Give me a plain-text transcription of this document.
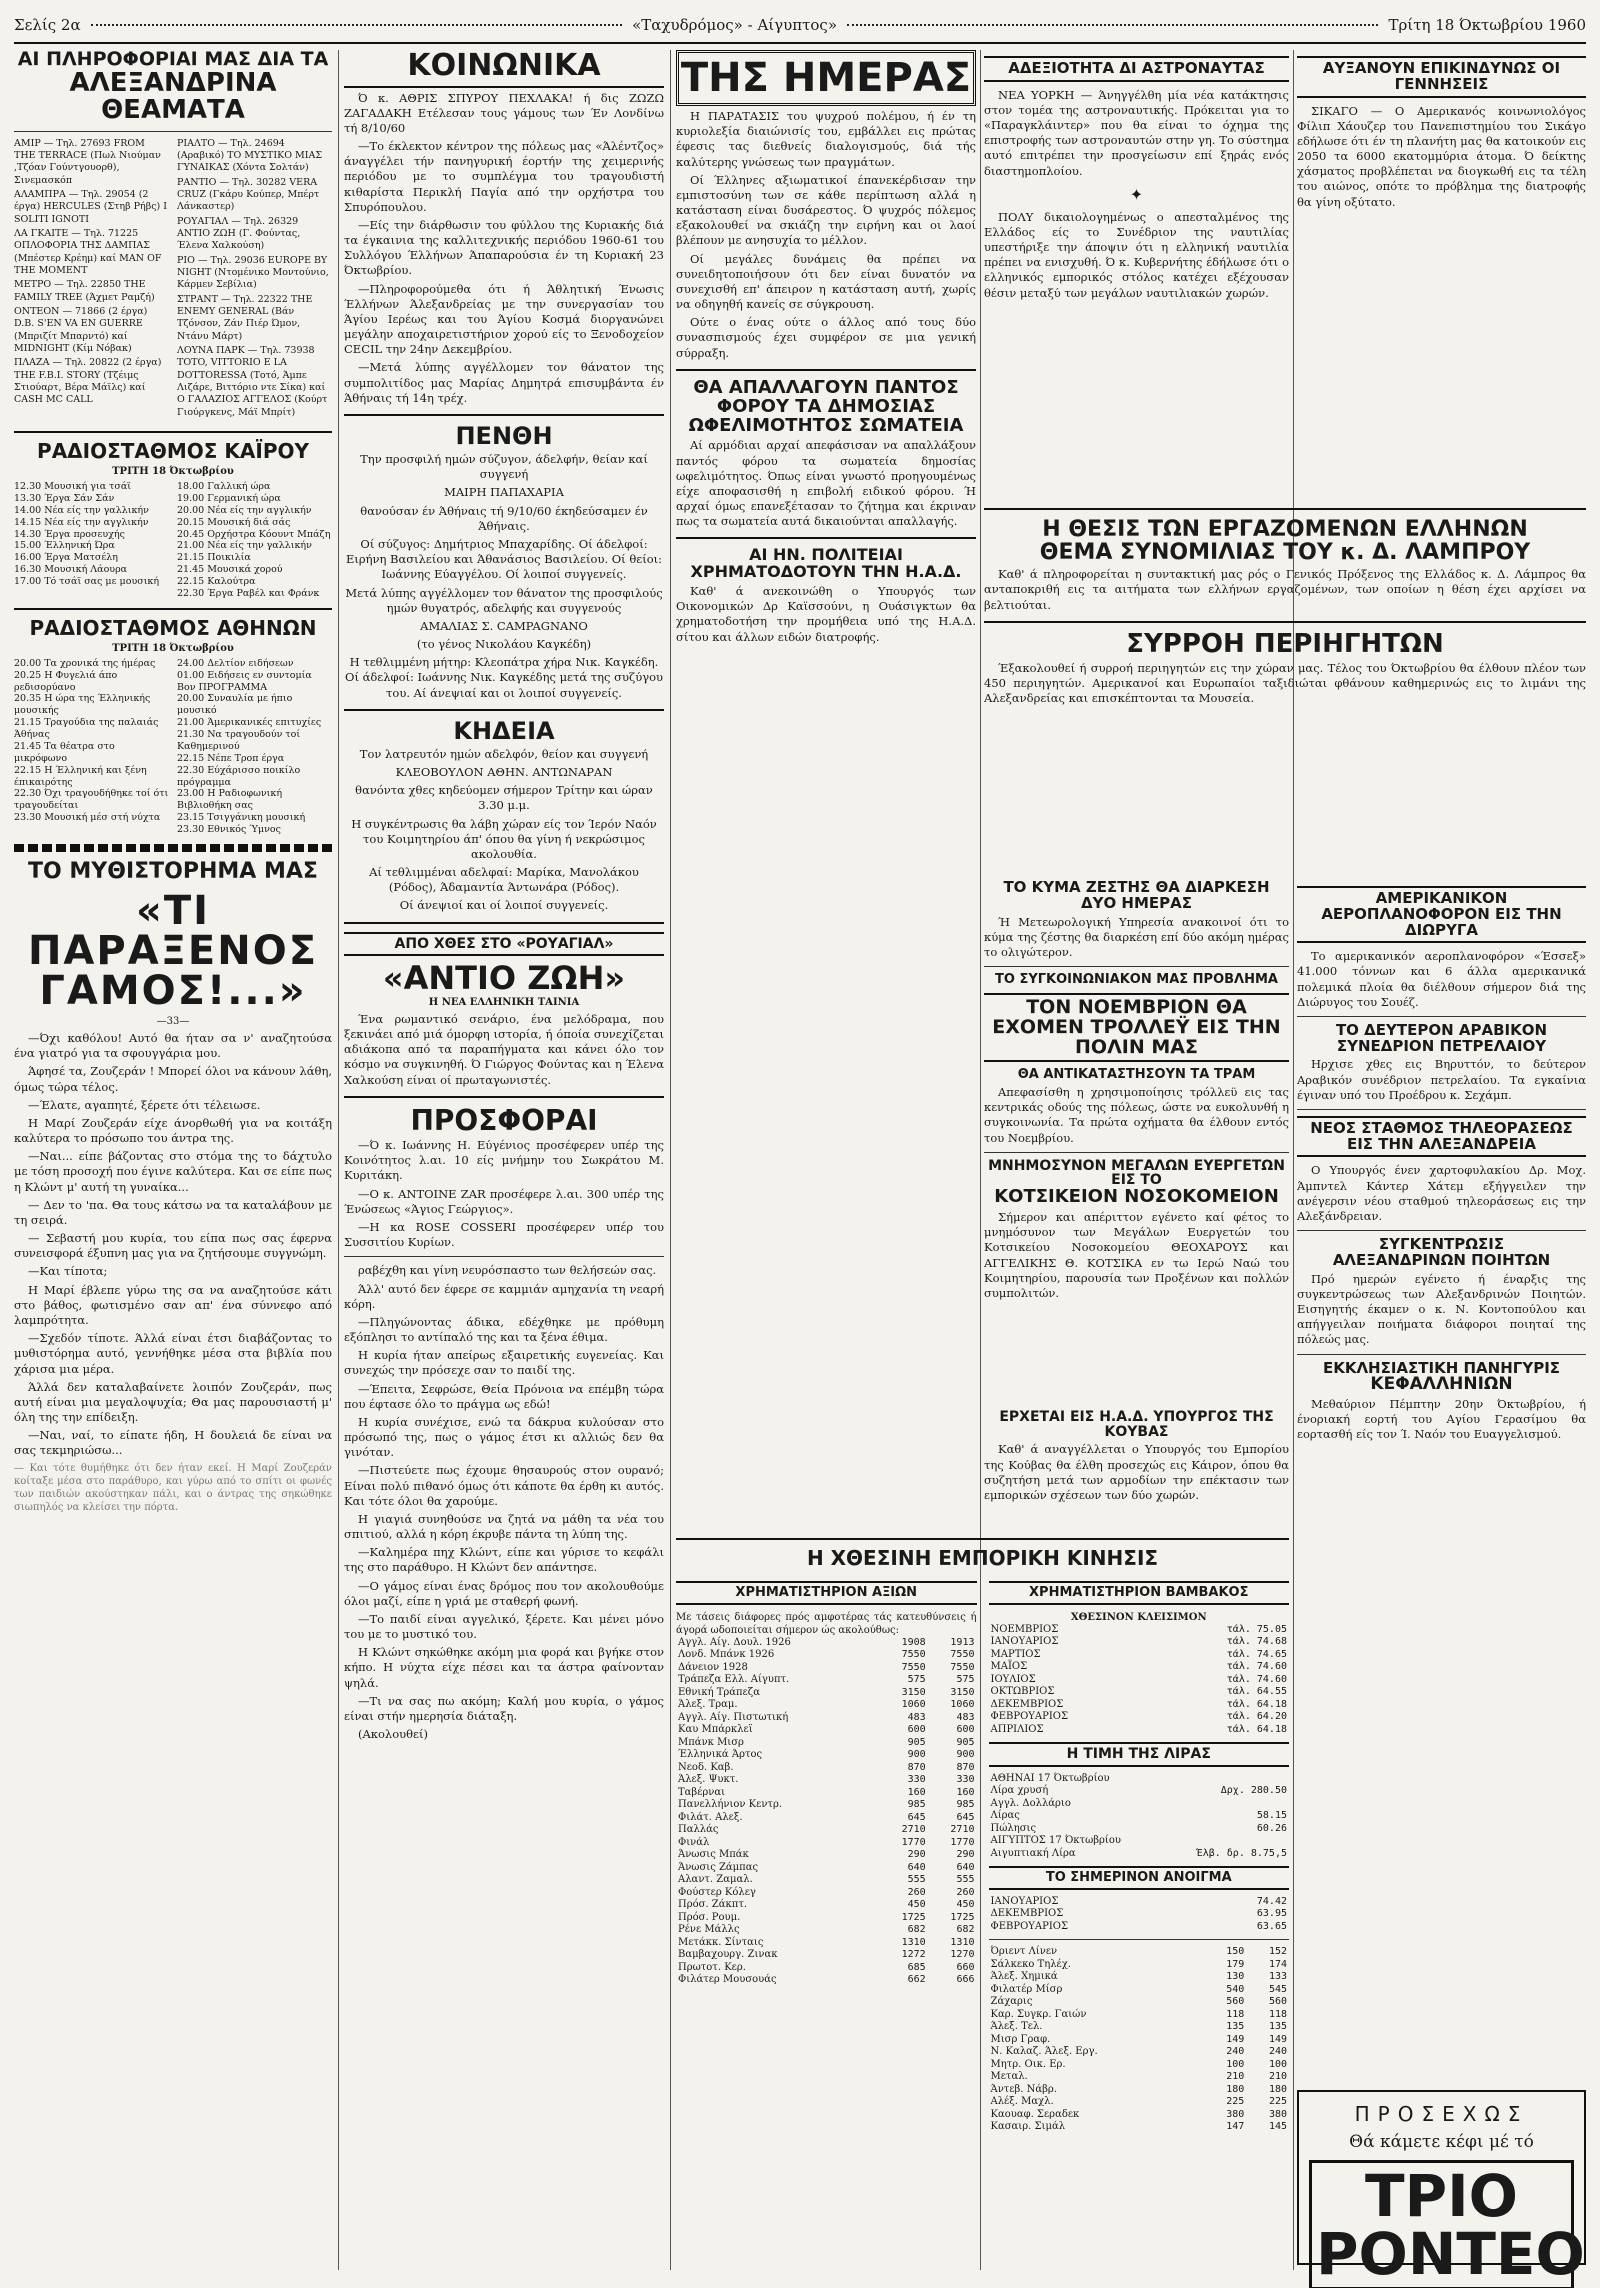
Σελίς 2α	«Ταχυδρόμος» - Αίγυπτος»	Τρίτη 18 Όκτωβρίου 1960
ΑΙ ΠΛΗΡΟΦΟΡΙΑΙ ΜΑΣ ΔΙΑ ΤΑ
ΑΛΕΞΑΝΔΡΙΝΑ ΘΕΑΜΑΤΑ
ΑΜΙΡ — Τηλ. 27693 FROM THE TERRACE (Πωλ Νιούμαν ,Τζόαν Γούντγουορθ), Σινεμασκόπ
ΑΛΑΜΠΡΑ — Τηλ. 29054 (2 έργα) HERCULES (Στηβ Ρήβς) I SOLITI IGNOTI
ΛΑ ΓΚΑΙΤΕ — Τηλ. 71225 ΟΠΛΟΦΟΡΙΑ ΤΗΣ ΔΑΜΠΑΣ (Μπέστερ Κρέημ) καί MAN OF THE MOMENT
ΜΕΤΡΟ — Τηλ. 22850 THE FAMILY TREE (Άχμετ Ραμζή)
ΟΝΤΕΟΝ — 71866 (2 έργα) D.B. S'EN VA EN GUERRE (Μπριζίτ Μπαρντό) καί MIDNIGHT (Κίμ Νόβακ)
ΠΛΑΖΑ — Τηλ. 20822 (2 έργα) THE F.B.I. STORY (Τζέιμς Στιούαρτ, Βέρα Μάϊλς) καί CASH MC CALL
ΡΙΑΛΤΟ — Τηλ. 24694 (Αραβικό) ΤΟ ΜΥΣΤΙΚΟ ΜΙΑΣ ΓΥΝΑΙΚΑΣ (Χόντα Σολτάν)
ΡΑΝΤΙΟ — Τηλ. 30282 VERA CRUZ (Γκάρυ Κούπερ, Μπέρτ Λάνκαστερ)
ΡΟΥΑΓΙΑΛ — Τηλ. 26329 ΑΝΤΙΟ ΖΩΗ (Γ. Φούντας, Έλενα Χαλκούση)
ΡΙΟ — Τηλ. 29036 EUROPE BY NIGHT (Ντομένικο Μοντούνιο, Κάρμεν Σεβίλια)
ΣΤΡΑΝΤ — Τηλ. 22322 THE ENEMY GENERAL (Βάν Τζόνσον, Ζάν Πιέρ Ώμον, Ντάνυ Μάρτ)
ΛΟΥΝΑ ΠΑΡΚ — Τηλ. 73938 TOTO, VITTORIO E LA DOTTORESSA (Τοτό, Άμπε Λιζάρε, Βιττόριο ντε Σίκα) καί Ο ΓΑΛΑΖΙΟΣ ΑΓΓΕΛΟΣ (Κούρτ Γιούργκενς, Μάϊ Μπρίτ)
ΡΑΔΙΟΣΤΑΘΜΟΣ ΚΑΪΡΟΥ
ΤΡΙΤΗ 18 Όκτωβρίου
12.30 Μουσική για τσάϊ
13.30 Έργα Σάν Σάν
14.00 Νέα είς την γαλλικήν
14.15 Νέα είς την αγγλικήν
14.30 Έργα προσευχής
15.00 Έλληνική Ώρα
16.00 Έργα Ματσέλη
16.30 Μουσική Λάουρα
17.00 Τό τσάϊ σας με μουσική
18.00 Γαλλική ώρα
19.00 Γερμανική ώρα
20.00 Νέα είς την αγγλικήν
20.15 Μουσική διά σάς
20.45 Ορχήστρα Κόουντ Μπάζη
21.00 Νέα είς την γαλλικήν
21.15 Ποικιλία
21.45 Μουσικά χορού
22.15 Καλούτρα
22.30 Έργα Ραβέλ και Φράνκ
ΡΑΔΙΟΣΤΑΘΜΟΣ ΑΘΗΝΩΝ
ΤΡΙΤΗ 18 Όκτωβρίου
20.00 Τα χρονικά της ήμέρας
20.25 Η Φυγελιά άπο ρεδισορύανο
20.35 Η ώρα της Έλληνικής μουσικής
21.15 Τραγούδια της παλαιάς Άθήνας
21.45 Τα θέατρα στο μικρόφωνο
22.15 Η Έλληνική και ξένη έπικαιρότης
22.30 Όχι τραγουδήθηκε τοί ότι τραγουδείται
23.30 Μουσική μέσ στή νύχτα
24.00 Δελτίον ειδήσεων
01.00 Ειδήσεις εν συντομία
Βον ΠΡΟΓΡΑΜΜΑ
20.00 Συναυλία με ήπιο μουσικό
21.00 Άμερικανικές επιτυχίες
21.30 Να τραγουδούν τοί Καθημερινού
22.15 Νέπε Τροπ έργα
22.30 Εύχάρισσο ποικίλο πρόγραμμα
23.00 Η Ραδιοφωνική Βιβλιοθήκη σας
23.15 Τσιγγάνικη μουσική
23.30 Εθνικός Ύμνος
ΤΟ ΜΥΘΙΣΤΟΡΗΜΑ ΜΑΣ
«ΤΙ ΠΑΡΑΞΕΝΟΣ ΓΑΜΟΣ!...»
—33—
—Όχι καθόλου! Αυτό θα ήταν σα ν' αναζητούσα ένα γιατρό για τα σφουγγάρια μου.
Άφησέ τα, Ζουζεράν ! Μπορεί όλοι να κάνουν λάθη, όμως τώρα τέλος.
—Έλατε, αγαπητέ, ξέρετε ότι τέλειωσε.
Η Μαρί Ζουζεράν είχε άνορθωθή για να κοιτάξη καλύτερα το πρόσωπο του άντρα της.
—Ναι... είπε βάζοντας στο στόμα της το δάχτυλο με τόση προσοχή που έγινε καλύτερα. Και σε είπε πως η Κλώντ μ' αυτή τη γυναίκα...
— Δεν το 'πα. Θα τους κάτσω να τα καταλάβουν με τη σειρά.
— Σεβαστή μου κυρία, του είπα πως σας έφερνα συνεισφορά έξυπνη μας για να ζητήσουμε συγγνώμη.
—Και τίποτα;
Η Μαρί έβλεπε γύρω της σα να αναζητούσε κάτι στο βάθος, φωτισμένο σαν απ' ένα σύννεφο από λαμπρότητα.
—Σχεδόν τίποτε. Άλλά είναι έτσι διαβάζοντας το μυθιστόρημα αυτό, γεννήθηκε μέσα στα βιβλία που χάρισα μια μέρα.
Άλλά δεν καταλαβαίνετε λοιπόν Ζουζεράν, πως αυτή είναι μια μεγαλοψυχία; Θα μας παρουσιαστή μ' όλη της την επίδειξη.
—Ναι, ναί, το είπατε ήδη, Η δουλειά δε είναι να σας τεκμηριώσω...
— Και τότε θυμήθηκε ότι δεν ήταν εκεί. Η Μαρί Ζουζεράν κοίταξε μέσα στο παράθυρο, και γύρω από το σπίτι οι φωνές των παιδιών ακούστηκαν πάλι, και ο άντρας της σηκώθηκε σιωπηλός να κλείσει την πόρτα.
ΚΟΙΝΩΝΙΚΑ
Ό κ. ΑΘΡΙΣ ΣΠΥΡΟΥ ΠΕΧΛΑΚΑ! ή δις ΖΩΖΩ ΖΑΓΑΔΑΚΗ Ετέλεσαν τους γάμους των Έν Λονδίνω τή 8/10/60
—Το έκλεκτον κέντρον της πόλεως μας «Άλέντζος» άναγγέλει τήν πανηγυρική έορτήν της χειμερινής περιόδου με το συμπλέγμα του τραγουδιστή κιθαρίστα Περικλή Παγία από την ορχήστρα του Σπυρόπουλου.
—Είς την διάρθωσιν του φύλλου της Κυριακής διά τα έγκαινια της καλλιτεχνικής περιόδου 1960-61 του Συλλόγου Έλλήνων Άπαπαρούσια έν τη Κυριακή 23 Όκτωβρίου.
—Πληροφορούμεθα ότι ή Άθλητική Ένωσις Έλλήνων Άλεξανδρείας με την συνεργασίαν του Άγίου Ιερέως και του Άγίου Κοσμά διοργανώνει μεγάλην αποχαιρετιστήριον χορού είς το Ξενοδοχείον CECIL την 24ην Δεκεμβρίου.
—Μετά λύπης αγγέλλομεν τον θάνατον της συμπολιτίδος μας Μαρίας Δημητρά επισυμβάντα έν Άθήναις τή 14η τρέχ.
ΠΕΝΘΗ
Την προσφιλή ημών σύζυγον, άδελφήν, θείαν καί συγγενή
ΜΑΙΡΗ ΠΑΠΑΧΑΡΙΑ
θανούσαν έν Άθήναις τή 9/10/60 έκηδεύσαμεν έν Άθήναις.
Οί σύζυγος: Δημήτριος Μπαχαρίδης. Οί άδελφοί: Ειρήνη Βασιλείου και Άθανάσιος Βασιλείου. Οί θείοι: Ιωάννης Εύαγγέλου. Οί λοιποί συγγενείς.
Μετά λύπης αγγέλλομεν τον θάνατον της προσφιλούς ημών θυγατρός, αδελφής και συγγενούς
ΑΜΑΛΙΑΣ Σ. CAMPAGNANO
(το γένος Νικολάου Καγκέδη)
Η τεθλιμμένη μήτηρ: Κλεοπάτρα χήρα Νικ. Καγκέδη. Οί άδελφοί: Ιωάννης Νικ. Καγκέδης μετά της συζύγου του. Αί άνεψιαί και οι λοιποί συγγενείς.
ΚΗΔΕΙΑ
Τον λατρευτόν ημών αδελφόν, θείον και συγγενή
ΚΛΕΟΒΟΥΛΟΝ ΑΘΗΝ. ΑΝΤΩΝΑΡΑΝ
θανόντα χθες κηδεύομεν σήμερον Τρίτην και ώραν 3.30 μ.μ.
Η συγκέντρωσις θα λάβη χώραν είς τον Ίερόν Ναόν του Κοιμητηρίου άπ' όπου θα γίνη ή νεκρώσιμος ακολουθία.
Αί τεθλιμμέναι αδελφαί: Μαρίκα, Μανολάκου (Ρόδος), Άδαμαντία Άντωνάρα (Ρόδος).
Οί άνεψιοί και οί λοιποί συγγενείς.
ΑΠΟ ΧΘΕΣ ΣΤΟ «ΡΟΥΑΓΙΑΛ»
«ΑΝΤΙΟ ΖΩΗ»
Η ΝΕΑ ΕΛΛΗΝΙΚΗ ΤΑΙΝΙΑ
Ένα ρωμαντικό σενάριο, ένα μελόδραμα, που ξεκινάει από μιά όμορφη ιστορία, ή όποία συνεχίζεται αδιάκοπα από τα παραπήγματα και κάνει όλο τον κόσμο να συγκινηθή. Ό Γιώργος Φούντας και η Έλενα Χαλκούση είναι οί πρωταγωνιστές.
ΠΡΟΣΦΟΡΑΙ
—Ό κ. Ιωάννης Η. Εύγένιος προσέφερεν υπέρ της Κοινότητος λ.αι. 10 είς μνήμην του Σωκράτου Μ. Κυριτάκη.
—Ο κ. ANTOINE ZAR προσέφερε λ.αι. 300 υπέρ της Ένώσεως «Άγιος Γεώργιος».
—Η κα ROSE COSSERI προσέφερεν υπέρ του Συσσιτίου Κυρίων.
ραβέχθη και γίνη νευρόσπαστο των θελήσεών σας.
Άλλ' αυτό δεν έφερε σε καμμιάν αμηχανία τη νεαρή κόρη.
—Πληγώνοντας άδικα, εδέχθηκε με πρόθυμη εξόπλησι το αντίπαλό της και τα ξένα έθιμα.
Η κυρία ήταν απείρως εξαιρετικής ευγενείας. Και συνεχώς την πρόσεχε σαν το παιδί της.
—Έπειτα, Σεφρώσε, Θεία Πρόνοια να επέμβη τώρα που έφτασε όλο το πράγμα ως εδώ!
Η κυρία συνέχισε, ενώ τα δάκρυα κυλούσαν στο πρόσωπό της, πως ο γάμος έτσι κι αλλιώς δεν θα γινόταν.
—Πιστεύετε πως έχουμε θησαυρούς στον ουρανό; Είναι πολύ πιθανό όμως ότι κάποτε θα έρθη κι αυτός. Και τότε όλοι θα χαρούμε.
Η γιαγιά συνηθούσε να ζητά να μάθη τα νέα του σπιτιού, αλλά η κόρη έκρυβε πάντα τη λύπη της.
—Καλημέρα πηχ Κλώντ, είπε και γύρισε το κεφάλι της στο παράθυρο. Η Κλώντ δεν απάντησε.
—Ο γάμος είναι ένας δρόμος που τον ακολουθούμε όλοι μαζί, είπε η γριά με σταθερή φωνή.
—Το παιδί είναι αγγελικό, ξέρετε. Και μένει μόνο του με το μυστικό του.
Η Κλώντ σηκώθηκε ακόμη μια φορά και βγήκε στον κήπο. Η νύχτα είχε πέσει και τα άστρα φαίνονταν ψηλά.
—Τι να σας πω ακόμη; Καλή μου κυρία, ο γάμος είναι στήν ημερησία διάταξη.
(Ακολουθεί)
ΤΗΣ ΗΜΕΡΑΣ
Η ΠΑΡΑΤΑΣΙΣ του ψυχρού πολέμου, ή έν τη κυριολεξία διαιώνισίς του, εμβάλλει εις πρώτας έφεσις τας διεθνείς διαλογισμούς, διά τής καλύτερης γνώσεως των πραγμάτων.
Οί Έλληνες αξιωματικοί έπανεκέρδισαν την εμπιστοσύνη των σε κάθε περίπτωση αλλά η κατάσταση είναι δυσάρεστος. Ό ψυχρός πόλεμος εξακολουθεί να σκιάζη την ειρήνη και οι λαοί βλέπουν με ανησυχία το μέλλον.
Οί μεγάλες δυνάμεις θα πρέπει να συνειδητοποιήσουν ότι δεν είναι δυνατόν να συνεχισθή επ' άπειρον η κατάσταση αυτή, χωρίς να οδηγηθή κανείς σε σύγκρουση.
Ούτε ο ένας ούτε ο άλλος από τους δύο συνασπισμούς έχει συμφέρον σε μια γενική σύρραξη.
ΘΑ ΑΠΑΛΛΑΓΟΥΝ ΠΑΝΤΟΣ ΦΟΡΟΥ ΤΑ ΔΗΜΟΣΙΑΣ ΩΦΕΛΙΜΟΤΗΤΟΣ ΣΩΜΑΤΕΙΑ
Αί αρμόδιαι αρχαί απεφάσισαν να απαλλάξουν παντός φόρου τα σωματεία δημοσίας ωφελιμότητος. Όπως είναι γνωστό προηγουμένως είχε αποφασισθή η επιβολή ειδικού φόρου. Ή αρχαί όμως επανεξέτασαν το ζήτημα και έκριναν πως τα σωματεία αυτά δικαιούνται απαλλαγής.
ΑΙ ΗΝ. ΠΟΛΙΤΕΙΑΙ ΧΡΗΜΑΤΟΔΟΤΟΥΝ ΤΗΝ Η.Α.Δ.
Καθ' ά ανεκοινώθη ο Υπουργός των Οικονομικών Δρ Καϊσσούνι, η Ουάσιγκτων θα χρηματοδοτήση την προμήθεια υπό της Η.Α.Δ. σίτου και άλλων ειδών διατροφής.
ΑΔΕΞΙΟΤΗΤΑ ΔΙ ΑΣΤΡΟΝΑΥΤΑΣ
ΝΕΑ ΥΟΡΚΗ — Άνηγγέλθη μία νέα κατάκτησις στον τομέα της αστροναυτικής. Πρόκειται για το «Παραγκλάιντερ» που θα είναι το όχημα της επιστροφής των αστροναυτών στην γη. Το σύστημα αυτό επιτρέπει την προσγείωσιν επί ξηράς ενός διαστημοπλοίου.
✦
ΠΟΛΥ δικαιολογημένως ο απεσταλμένος της Ελλάδος είς το Συνέδριον της ναυτιλίας υπεστήριξε την άποψιν ότι η ελληνική ναυτιλία πρέπει να ενισχυθή. Ό κ. Κυβερνήτης έδήλωσε ότι ο ελληνικός εμπορικός στόλος κατέχει εξέχουσαν θέσιν μεταξύ των μεγάλων ναυτιλιακών χωρών.
ΑΥΞΑΝΟΥΝ ΕΠΙΚΙΝΔΥΝΩΣ ΟΙ ΓΕΝΝΗΣΕΙΣ
ΣΙΚΑΓΟ — Ο Αμερικανός κοινωνιολόγος Φίλιπ Χάουζερ του Πανεπιστημίου του Σικάγο εδήλωσε ότι έν τη πλανήτη μας θα κατοικούν εις 2050 τα 6000 εκατομμύρια άτομα. Ό δείκτης χάσματος προβλέπεται να διογκωθή εις τα τέλη του αιώνος, οπότε το πρόβλημα της διατροφής θα γίνη οξύτατο.
Η ΘΕΣΙΣ ΤΩΝ ΕΡΓΑΖΟΜΕΝΩΝ ΕΛΛΗΝΩΝ
ΘΕΜΑ ΣΥΝΟΜΙΛΙΑΣ ΤΟΥ κ. Δ. ΛΑΜΠΡΟΥ
Καθ' ά πληροφορείται η συντακτική μας ρός ο Γενικός Πρόξενος της Ελλάδος κ. Δ. Λάμπρος θα ανταποκριθή εις τα αιτήματα των ελλήνων εργαζομένων, των οποίων η θέση έχει αρχίσει να βελτιούται.
ΣΥΡΡΟΗ ΠΕΡΙΗΓΗΤΩΝ
Έξακολουθεί ή συρροή περιηγητών εις την χώραν μας. Τέλος του Όκτωβρίου θα έλθουν πλέον των 450 περιηγητών. Αμερικανοί και Ευρωπαίοι ταξιδιώται φθάνουν καθημερινώς εις το λιμάνι της Αλεξανδρείας και επισκέπτονται τα Μουσεία.
ΤΟ ΚΥΜΑ ΖΕΣΤΗΣ ΘΑ ΔΙΑΡΚΕΣΗ ΔΥΟ ΗΜΕΡΑΣ
Ή Μετεωρολογική Υπηρεσία ανακοινοί ότι το κύμα της ζέστης θα διαρκέση επί δύο ακόμη ημέρας το ολιγώτερον.
ΤΟ ΣΥΓΚΟΙΝΩΝΙΑΚΟΝ ΜΑΣ ΠΡΟΒΛΗΜΑ
ΤΟΝ ΝΟΕΜΒΡΙΟΝ ΘΑ ΕΧΟΜΕΝ ΤΡΟΛΛΕΫ ΕΙΣ ΤΗΝ ΠΟΛΙΝ ΜΑΣ
ΘΑ ΑΝΤΙΚΑΤΑΣΤΗΣΟΥΝ ΤΑ ΤΡΑΜ
Απεφασίσθη η χρησιμοποίησις τρόλλεϋ εις τας κεντρικάς οδούς της πόλεως, ώστε να ευκολυνθή η συγκοινωνία. Τα πρώτα οχήματα θα έλθουν εντός του Νοεμβρίου.
ΜΝΗΜΟΣΥΝΟΝ ΜΕΓΑΛΩΝ ΕΥΕΡΓΕΤΩΝ ΕΙΣ ΤΟ
ΚΟΤΣΙΚΕΙΟΝ ΝΟΣΟΚΟΜΕΙΟΝ
Σήμερον και απέριττον εγένετο καί φέτος το μνημόσυνον των Μεγάλων Ευεργετών του Κοτσικείου Νοσοκομείου ΘΕΟΧΑΡΟΥΣ και ΑΓΓΕΛΙΚΗΣ Θ. ΚΟΤΣΙΚΑ εν τω Ιερώ Ναώ του Κοιμητηρίου, παρουσία των Προξένων και πολλών συμπολιτών.
ΑΜΕΡΙΚΑΝΙΚΟΝ ΑΕΡΟΠΛΑΝΟΦΟΡΟΝ ΕΙΣ ΤΗΝ ΔΙΩΡΥΓΑ
Το αμερικανικόν αεροπλανοφόρον «Έσσεξ» 41.000 τόννων και 6 άλλα αμερικανικά πολεμικά πλοία θα διέλθουν σήμερον διά της Διώρυγος του Σουέζ.
ΤΟ ΔΕΥΤΕΡΟΝ ΑΡΑΒΙΚΟΝ ΣΥΝΕΔΡΙΟΝ ΠΕΤΡΕΛΑΙΟΥ
Ηρχισε χθες εις Βηρυττόν, το δεύτερον Αραβικόν συνέδριον πετρελαίου. Τα εγκαίνια έγιναν υπό του Προέδρου κ. Σεχάμπ.
ΝΕΟΣ ΣΤΑΘΜΟΣ ΤΗΛΕΟΡΑΣΕΩΣ ΕΙΣ ΤΗΝ ΑΛΕΞΑΝΔΡΕΙΑ
Ο Υπουργός ένεν χαρτοφυλακίου Δρ. Μοχ. Άμπντελ Κάντερ Χάτεμ εξήγγειλεν την ανέγερσιν νέου σταθμού τηλεοράσεως εις την Αλεξάνδρειαν.
ΣΥΓΚΕΝΤΡΩΣΙΣ
ΑΛΕΞΑΝΔΡΙΝΩΝ ΠΟΙΗΤΩΝ
Πρό ημερών εγένετο ή έναρξις της συγκεντρώσεως των Αλεξανδρινών Ποιητών. Εισηγητής έκαμεν ο κ. Ν. Κοντοπούλου και απήγγειλαν ποιήματα διάφοροι ποιηταί της πόλεώς μας.
ΕΚΚΛΗΣΙΑΣΤΙΚΗ ΠΑΝΗΓΥΡΙΣ
ΚΕΦΑΛΛΗΝΙΩΝ
Μεθαύριον Πέμπτην 20ην Όκτωβρίου, ή ένοριακή εορτή του Αγίου Γερασίμου θα εορτασθή είς τον Ί. Ναόν του Ευαγγελισμού.
ΕΡΧΕΤΑΙ ΕΙΣ Η.Α.Δ. ΥΠΟΥΡΓΟΣ ΤΗΣ ΚΟΥΒΑΣ
Καθ' ά αναγγέλλεται ο Υπουργός του Εμπορίου της Κούβας θα έλθη προσεχώς εις Κάιρον, όπου θα συζητήση μετά των αρμοδίων την επέκτασιν των εμπορικών σχέσεων των δύο χωρών.
Η ΧΘΕΣΙΝΗ ΕΜΠΟΡΙΚΗ ΚΙΝΗΣΙΣ
ΧΡΗΜΑΤΙΣΤΗΡΙΟΝ ΑΞΙΩΝ
Με τάσεις διάφορες πρός αμφοτέρας τάς κατευθύνσεις ή άγορά ωδοποιείται σήμερον ώς ακολούθως:
Αγγλ. Αίγ. Δουλ. 1926	1908	1913
Λονδ. Μπάνκ 1926	7550	7550
Δάνειον 1928	7550	7550
Τράπεζα Ελλ. Αίγυπτ.	575	575
Εθνική Τράπεζα	3150	3150
Άλεξ. Τραμ.	1060	1060
Αγγλ. Αίγ. Πιστωτική	483	483
Καυ Μπάρκλεϊ	600	600
Μπάνκ Μισρ	905	905
Έλληνικά Άρτος	900	900
Νεοδ. Καβ.	870	870
Άλεξ. Ψυκτ.	330	330
Ταβέρναι	160	160
Πανελλήνιον Κεντρ.	985	985
Φιλάτ. Αλεξ.	645	645
Παλλάς	2710	2710
Φινάλ	1770	1770
Άνωσις Μπάκ	290	290
Άνωσις Ζάμπας	640	640
Αλαντ. Ζαμαλ.	555	555
Φούστερ Κόλεγ	260	260
Πρόσ. Ζάκπτ.	450	450
Πρόσ. Ρουμ.	1725	1725
Ρένε Μάλλς	682	682
Μετάκκ. Σίνταις	1310	1310
Βαμβαχουργ. Ζινακ	1272	1270
Πρωτοτ. Κερ.	685	660
Φιλάτερ Μουσουάς	662	666
ΧΡΗΜΑΤΙΣΤΗΡΙΟΝ ΒΑΜΒΑΚΟΣ
ΧΘΕΣΙΝΟΝ ΚΛΕΙΣΙΜΟΝ
ΝΟΕΜΒΡΙΟΣ	τάλ. 75.05
ΙΑΝΟΥΑΡΙΟΣ	τάλ. 74.68
ΜΑΡΤΙΟΣ	τάλ. 74.65
ΜΑΪΟΣ	τάλ. 74.60
ΙΟΥΛΙΟΣ	τάλ. 74.60
ΟΚΤΩΒΡΙΟΣ	τάλ. 64.55
ΔΕΚΕΜΒΡΙΟΣ	τάλ. 64.18
ΦΕΒΡΟΥΑΡΙΟΣ	τάλ. 64.20
ΑΠΡΙΛΙΟΣ	τάλ. 64.18
Η ΤΙΜΗ ΤΗΣ ΛΙΡΑΣ
ΑΘΗΝΑΙ 17 Όκτωβρίου	
Λίρα χρυσή	Δρχ. 280.50
Αγγλ. Δολλάριο	
Λίρας	58.15
Πώλησις	60.26
ΑΙΓΥΠΤΟΣ 17 Όκτωβρίου	
Αιγυπτιακή Λίρα	Έλβ. δρ. 8.75,5
ΤΟ ΣΗΜΕΡΙΝΟΝ ΑΝΟΙΓΜΑ
ΙΑΝΟΥΑΡΙΟΣ	74.42
ΔΕΚΕΜΒΡΙΟΣ	63.95
ΦΕΒΡΟΥΑΡΙΟΣ	63.65
Όριεντ Λίνεν	150	152
Σάλκεκο Τηλέχ.	179	174
Άλεξ. Χημικά	130	133
Φιλατέρ Μίσρ	540	545
Ζάχαρις	560	560
Καρ. Συγκρ. Γαιών	118	118
Άλεξ. Τελ.	135	135
Μισρ Γραφ.	149	149
Ν. Καλαζ. Άλεξ. Εργ.	240	240
Μητρ. Οικ. Ερ.	100	100
Μεταλ.	210	210
Άντεβ. Νάβρ.	180	180
Αλέξ. Μαχλ.	225	225
Καουαφ. Σεραδεκ	380	380
Κασαιρ. Σιμάλ	147	145
ΠΡΟΣΕΧΩΣ
Θά κάμετε κέφι μέ τό
ΤΡΙΟ ΡΟΝΤΕΟ
